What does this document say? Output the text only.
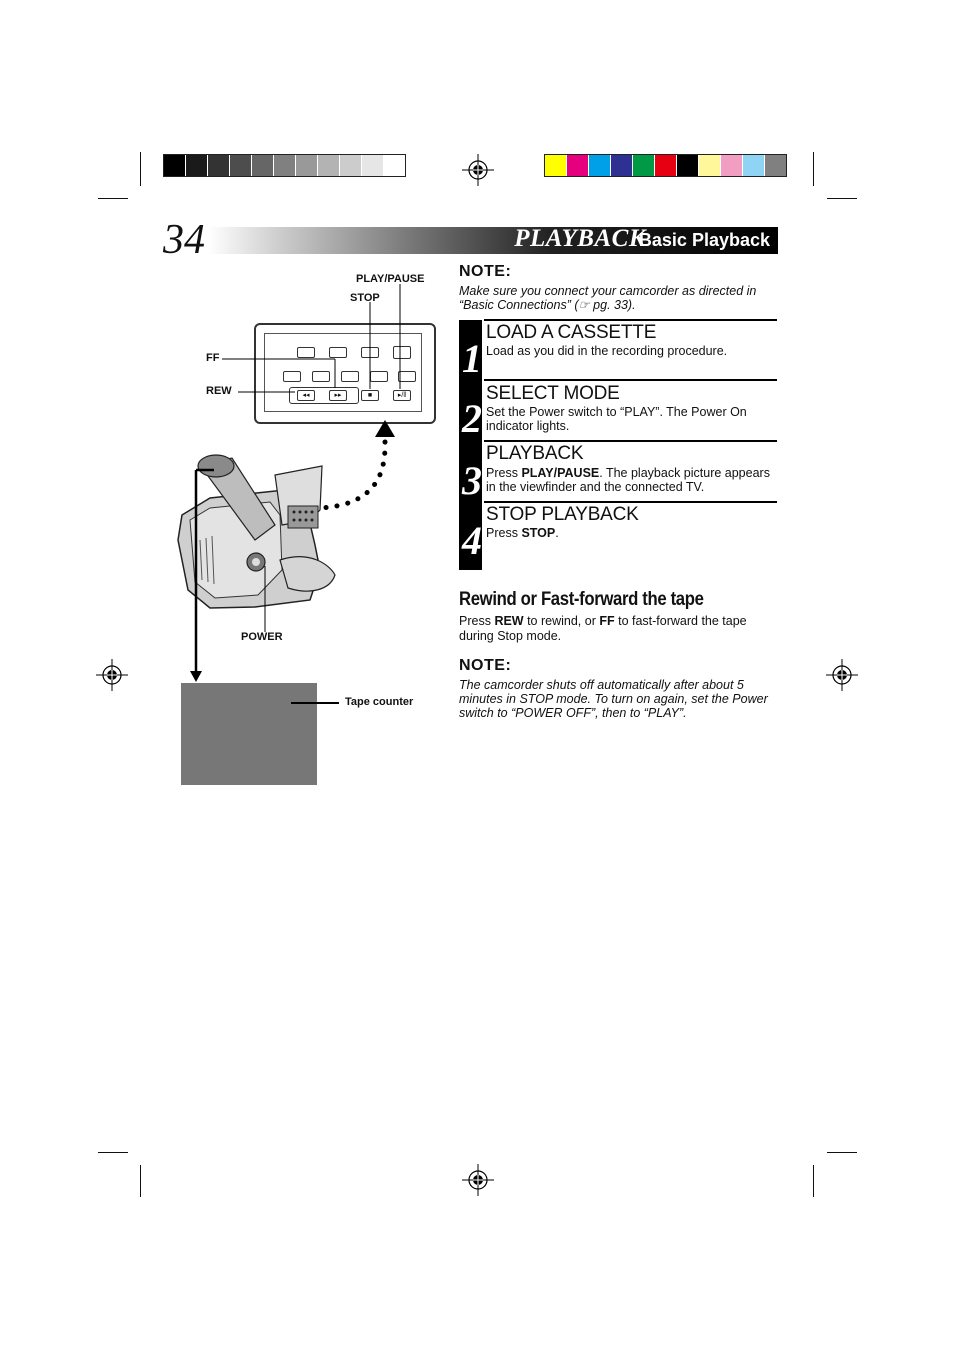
34	PLAYBACK
Basic Playback
PLAY/PAUSE
STOP
FF
REW	◂◂	▸▸	■	▸/‖
POWER
Tape counter
NOTE:
Make sure you connect your camcorder as directed in “Basic Connections” (☞ pg. 33).
1
LOAD A CASSETTE
Load as you did in the recording procedure.
2
SELECT MODE
Set the Power switch to “PLAY”. The Power On indicator lights.
3
PLAYBACK
Press PLAY/PAUSE. The playback picture appears in the viewfinder and the connected TV.
4
STOP PLAYBACK
Press STOP.
Rewind or Fast-forward the tape
Press REW to rewind, or FF to fast-forward the tape during Stop mode.
NOTE:
The camcorder shuts off automatically after about 5 minutes in STOP mode. To turn on again, set the Power switch to “POWER OFF”, then to “PLAY”.
